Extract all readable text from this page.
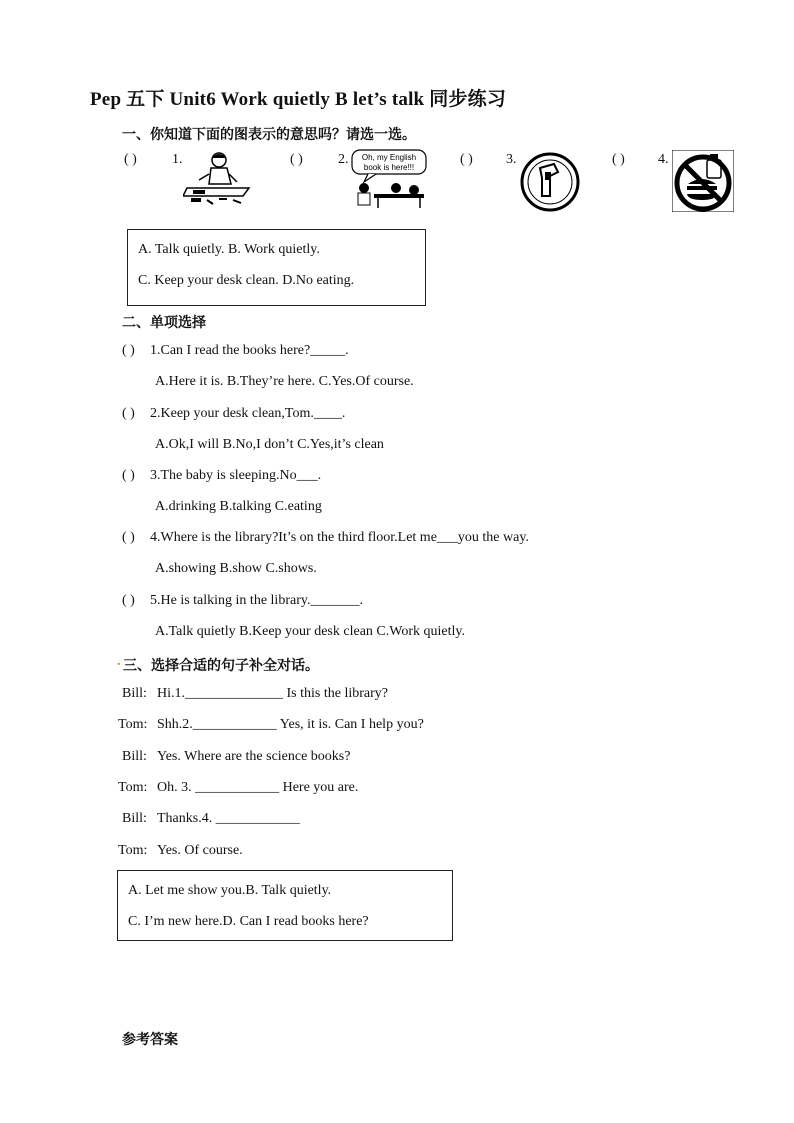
Pep 五下 Unit6 Work quietly B let’s talk 同步练习
一、你知道下面的图表示的意思吗？请选一选。
( )	1.	( )	2. Oh, my English
book is here!!!
( ) 3.	( ) 4.
A. Talk quietly. B. Work quietly.
C. Keep your desk clean. D.No eating.
二、单项选择
( ) 1.Can I read the books here?_____.
A.Here it is. B.They’re here. C.Yes.Of course.
( ) 2.Keep your desk clean,Tom.____.
A.Ok,I will B.No,I don’t C.Yes,it’s clean
( ) 3.The baby is sleeping.No___.
A.drinking B.talking C.eating
( ) 4.Where is the library?It’s on the third floor.Let me___you the way.
A.showing B.show C.shows.
( ) 5.He is talking in the library._______.
A.Talk quietly B.Keep your desk clean C.Work quietly.
. 三、选择合适的句子补全对话。
Bill: Hi.1.______________ Is this the library?
Tom: Shh.2.____________ Yes, it is. Can I help you?
Bill: Yes. Where are the science books?
Tom: Oh. 3. ____________ Here you are.
Bill: Thanks.4. ____________
Tom: Yes. Of course.
A. Let me show you.B. Talk quietly.
C. I’m new here.D. Can I read books here?
参考答案
